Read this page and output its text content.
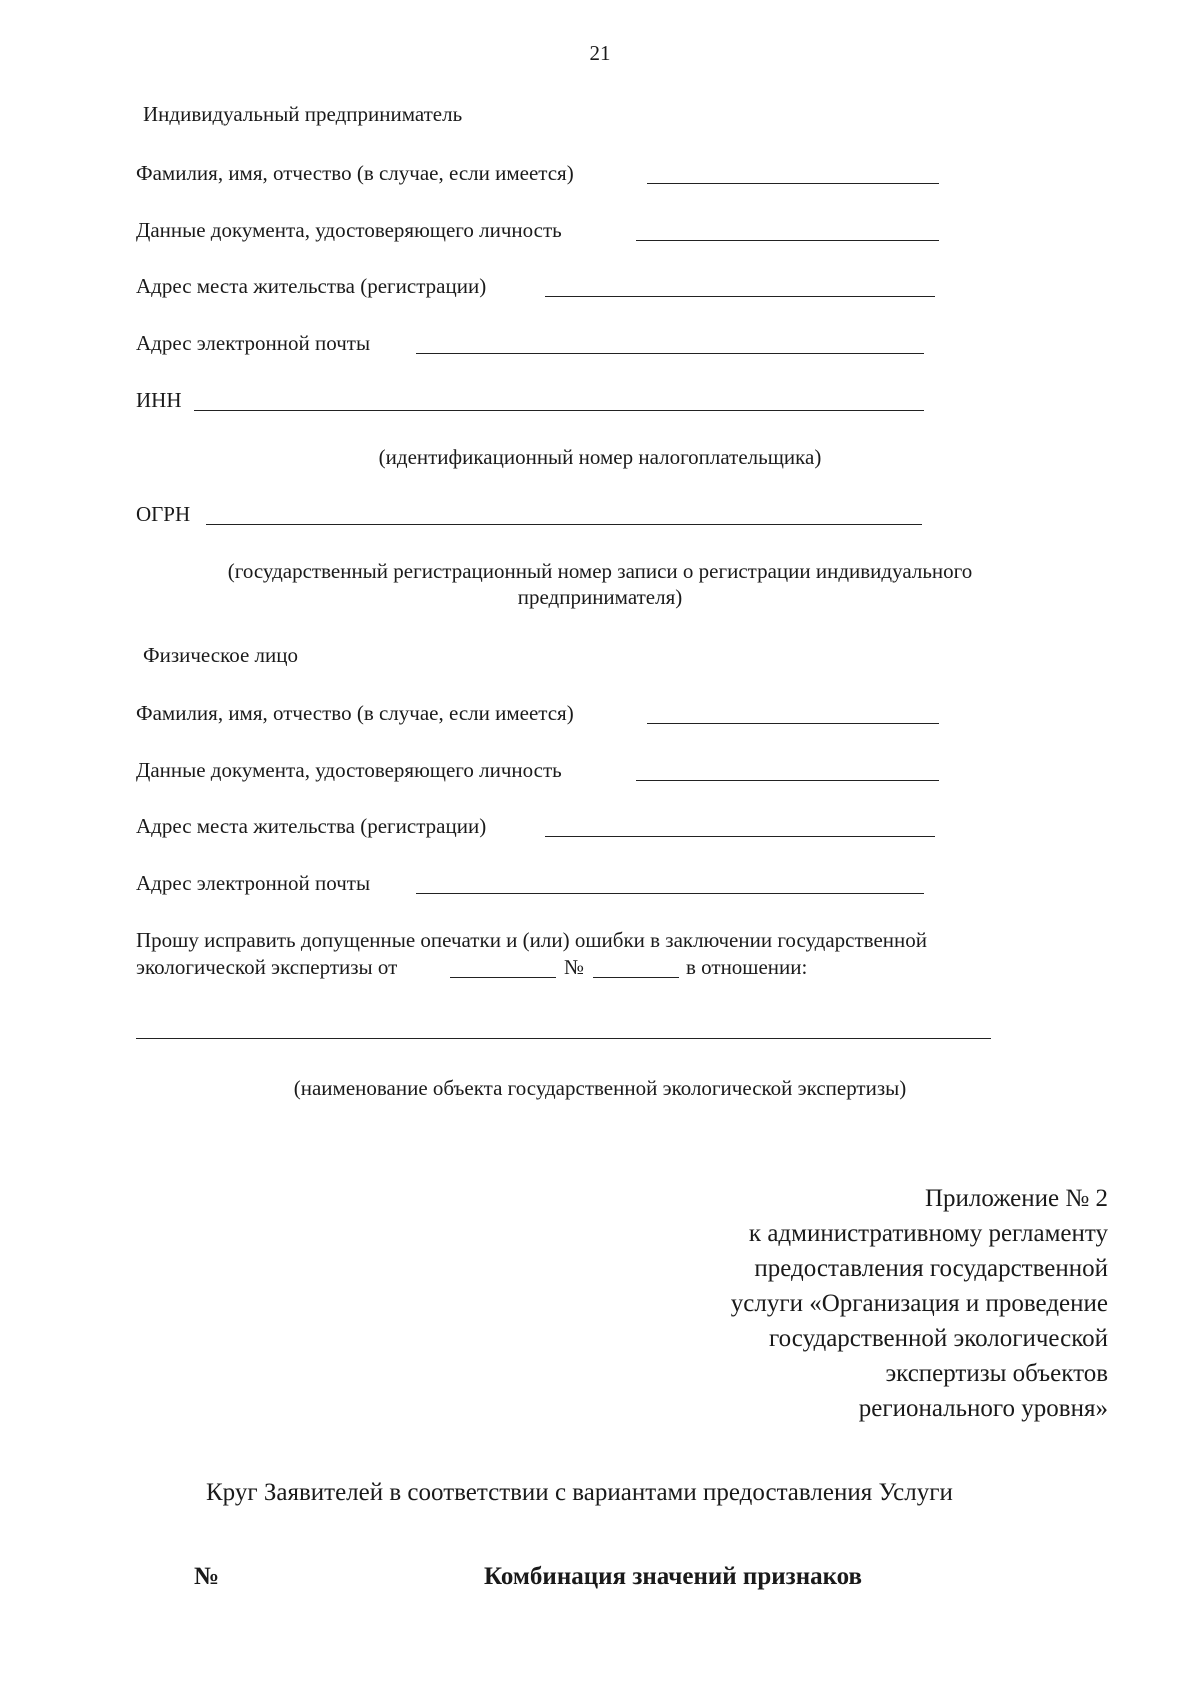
21
Индивидуальный предприниматель
Фамилия, имя, отчество (в случае, если имеется)
Данные документа, удостоверяющего личность
Адрес места жительства (регистрации)
Адрес электронной почты
ИНН
(идентификационный номер налогоплательщика)
ОГРН
(государственный регистрационный номер записи о регистрации индивидуального
предпринимателя)
Физическое лицо
Фамилия, имя, отчество (в случае, если имеется)
Данные документа, удостоверяющего личность
Адрес места жительства (регистрации)
Адрес электронной почты
Прошу исправить допущенные опечатки и (или) ошибки в заключении государственной
экологической экспертизы от	№	в отношении:
(наименование объекта государственной экологической экспертизы)
Приложение № 2
к административному регламенту
предоставления государственной
услуги «Организация и проведение
государственной экологической
экспертизы объектов
регионального уровня»
Круг Заявителей в соответствии с вариантами предоставления Услуги
№	Комбинация значений признаков
